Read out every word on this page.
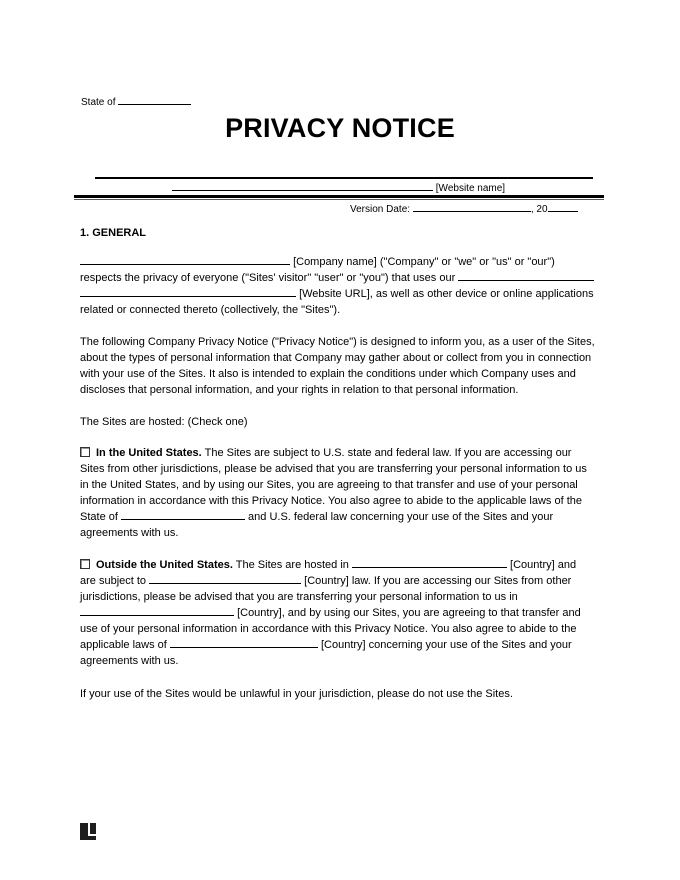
State of
PRIVACY NOTICE
[Website name]
Version Date:	, 20
1. GENERAL
[Company name] ("Company" or "we" or "us" or "our")
respects the privacy of everyone ("Sites' visitor" "user" or "you") that uses our
[Website URL], as well as other device or online applications
related or connected thereto (collectively, the "Sites").
The following Company Privacy Notice ("Privacy Notice") is designed to inform you, as a user of the Sites,
about the types of personal information that Company may gather about or collect from you in connection
with your use of the Sites. It also is intended to explain the conditions under which Company uses and
discloses that personal information, and your rights in relation to that personal information.
The Sites are hosted: (Check one)
In the United States. The Sites are subject to U.S. state and federal law. If you are accessing our
Sites from other jurisdictions, please be advised that you are transferring your personal information to us
in the United States, and by using our Sites, you are agreeing to that transfer and use of your personal
information in accordance with this Privacy Notice. You also agree to abide to the applicable laws of the
State of	and U.S. federal law concerning your use of the Sites and your
agreements with us.
Outside the United States. The Sites are hosted in	[Country] and
are subject to	[Country] law. If you are accessing our Sites from other
jurisdictions, please be advised that you are transferring your personal information to us in
[Country], and by using our Sites, you are agreeing to that transfer and
use of your personal information in accordance with this Privacy Notice. You also agree to abide to the
applicable laws of	[Country] concerning your use of the Sites and your
agreements with us.
If your use of the Sites would be unlawful in your jurisdiction, please do not use the Sites.
